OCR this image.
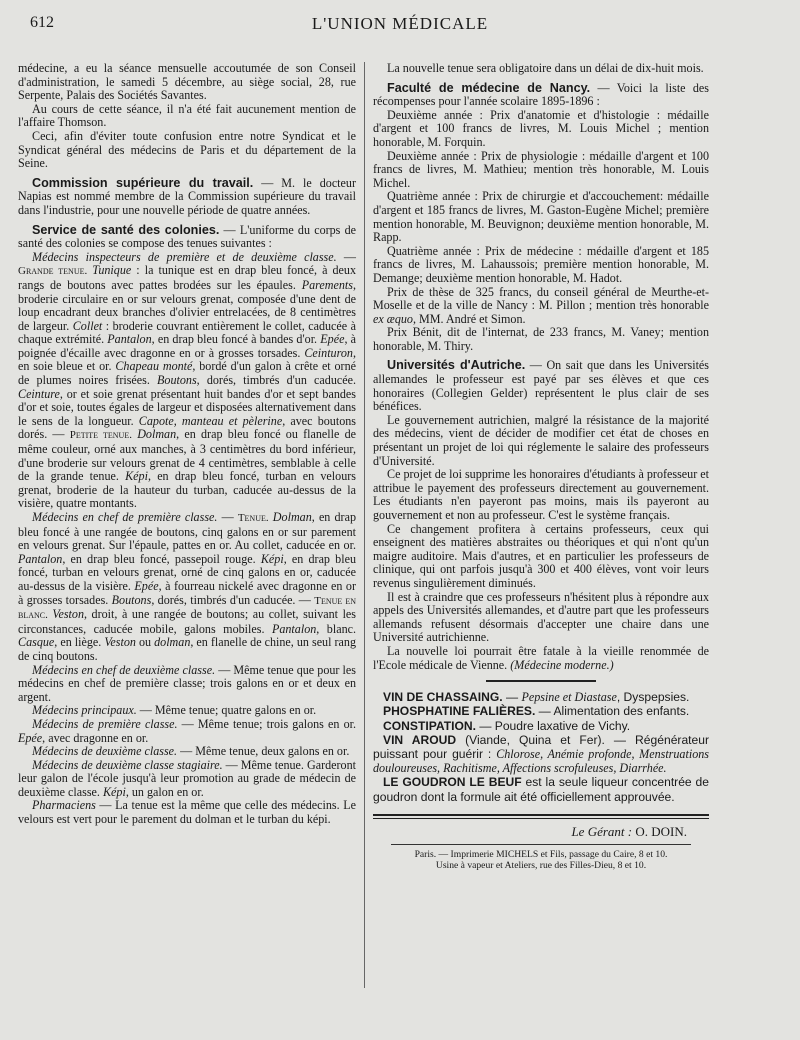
612	L'UNION MÉDICALE

médecine, a eu la séance mensuelle accoutumée de son Conseil d'administration, le samedi 5 décembre, au siège social, 28, rue Serpente, Palais des Sociétés Savantes.

Au cours de cette séance, il n'a été fait aucunement mention de l'affaire Thomson.

Ceci, afin d'éviter toute confusion entre notre Syndicat et le Syndicat général des médecins de Paris et du département de la Seine.

Commission supérieure du travail. — M. le docteur Napias est nommé membre de la Commission supérieure du travail dans l'industrie, pour une nouvelle période de quatre années.

Service de santé des colonies. — L'uniforme du corps de santé des colonies se compose des tenues suivantes :

Médecins inspecteurs de première et de deuxième classe. — Grande tenue. Tunique : la tunique est en drap bleu foncé, à deux rangs de boutons avec pattes brodées sur les épaules. Parements, broderie circulaire en or sur velours grenat, composée d'une dent de loup encadrant deux branches d'olivier entrelacées, de 8 centimètres de largeur. Collet : broderie couvrant entièrement le collet, caducée à chaque extrémité. Pantalon, en drap bleu foncé à bandes d'or. Epée, à poignée d'écaille avec dragonne en or à grosses torsades. Ceinturon, en soie bleue et or. Chapeau monté, bordé d'un galon à crête et orné de plumes noires frisées. Boutons, dorés, timbrés d'un caducée. Ceinture, or et soie grenat présentant huit bandes d'or et sept bandes d'or et soie, toutes égales de largeur et disposées alternativement dans le sens de la longueur. Capote, manteau et pèlerine, avec boutons dorés. — Petite tenue. Dolman, en drap bleu foncé ou flanelle de même couleur, orné aux manches, à 3 centimètres du bord inférieur, d'une broderie sur velours grenat de 4 centimètres, semblable à celle de la grande tenue. Képi, en drap bleu foncé, turban en velours grenat, broderie de la hauteur du turban, caducée au-dessus de la visière, quatre montants.

Médecins en chef de première classe. — Tenue. Dolman, en drap bleu foncé à une rangée de boutons, cinq galons en or sur parement en velours grenat. Sur l'épaule, pattes en or. Au collet, caducée en or. Pantalon, en drap bleu foncé, passepoil rouge. Képi, en drap bleu foncé, turban en velours grenat, orné de cinq galons en or, caducée au-dessus de la visière. Epée, à fourreau nickelé avec dragonne en or à grosses torsades. Boutons, dorés, timbrés d'un caducée. — Tenue en blanc. Veston, droit, à une rangée de boutons; au collet, suivant les circonstances, caducée mobile, galons mobiles. Pantalon, blanc. Casque, en liège. Veston ou dolman, en flanelle de chine, un seul rang de cinq boutons.

Médecins en chef de deuxième classe. — Même tenue que pour les médecins en chef de première classe; trois galons en or et deux en argent.

Médecins principaux. — Même tenue; quatre galons en or.

Médecins de première classe. — Même tenue; trois galons en or. Epée, avec dragonne en or.

Médecins de deuxième classe. — Même tenue, deux galons en or.

Médecins de deuxième classe stagiaire. — Même tenue. Garderont leur galon de l'école jusqu'à leur promotion au grade de médecin de deuxième classe. Képi, un galon en or.

Pharmaciens — La tenue est la même que celle des médecins. Le velours est vert pour le parement du dolman et le turban du képi.

La nouvelle tenue sera obligatoire dans un délai de dix-huit mois.

Faculté de médecine de Nancy. — Voici la liste des récompenses pour l'année scolaire 1895-1896 :

Deuxième année : Prix d'anatomie et d'histologie : médaille d'argent et 100 francs de livres, M. Louis Michel ; mention honorable, M. Forquin.

Deuxième année : Prix de physiologie : médaille d'argent et 100 francs de livres, M. Mathieu; mention très honorable, M. Louis Michel.

Quatrième année : Prix de chirurgie et d'accouchement: médaille d'argent et 185 francs de livres, M. Gaston-Eugène Michel; première mention honorable, M. Beuvignon; deuxième mention honorable, M. Rapp.

Quatrième année : Prix de médecine : médaille d'argent et 185 francs de livres, M. Lahaussois; première mention honorable, M. Demange; deuxième mention honorable, M. Hadot.

Prix de thèse de 325 francs, du conseil général de Meurthe-et-Moselle et de la ville de Nancy : M. Pillon ; mention très honorable ex æquo, MM. André et Simon.

Prix Bénit, dit de l'internat, de 233 francs, M. Vaney; mention honorable, M. Thiry.

Universités d'Autriche. — On sait que dans les Universités allemandes le professeur est payé par ses élèves et que ces honoraires (Collegien Gelder) représentent le plus clair de ses bénéfices.

Le gouvernement autrichien, malgré la résistance de la majorité des médecins, vient de décider de modifier cet état de choses en présentant un projet de loi qui réglemente le salaire des professeurs d'Université.

Ce projet de loi supprime les honoraires d'étudiants à professeur et attribue le payement des professeurs directement au gouvernement. Les étudiants n'en payeront pas moins, mais ils payeront au gouvernement et non au professeur. C'est le système français.

Ce changement profitera à certains professeurs, ceux qui enseignent des matières abstraites ou théoriques et qui n'ont qu'un maigre auditoire. Mais d'autres, et en particulier les professeurs de clinique, qui ont parfois jusqu'à 300 et 400 élèves, vont voir leurs revenus singulièrement diminués.

Il est à craindre que ces professeurs n'hésitent plus à répondre aux appels des Universités allemandes, et d'autre part que les professeurs allemands refusent désormais d'accepter une chaire dans une Université autrichienne.

La nouvelle loi pourrait être fatale à la vieille renommée de l'Ecole médicale de Vienne. (Médecine moderne.)

VIN DE CHASSAING. — Pepsine et Diastase, Dyspepsies.

PHOSPHATINE FALIÈRES. — Alimentation des enfants.

CONSTIPATION. — Poudre laxative de Vichy.

VIN AROUD (Viande, Quina et Fer). — Régénérateur puissant pour guérir : Chlorose, Anémie profonde, Menstruations douloureuses, Rachitisme, Affections scrofuleuses, Diarrhée.

LE GOUDRON LE BEUF est la seule liqueur concentrée de goudron dont la formule ait été officiellement approuvée.

Le Gérant : O. DOIN.
Paris. — Imprimerie MICHELS et Fils, passage du Caire, 8 et 10.
Usine à vapeur et Ateliers, rue des Filles-Dieu, 8 et 10.
